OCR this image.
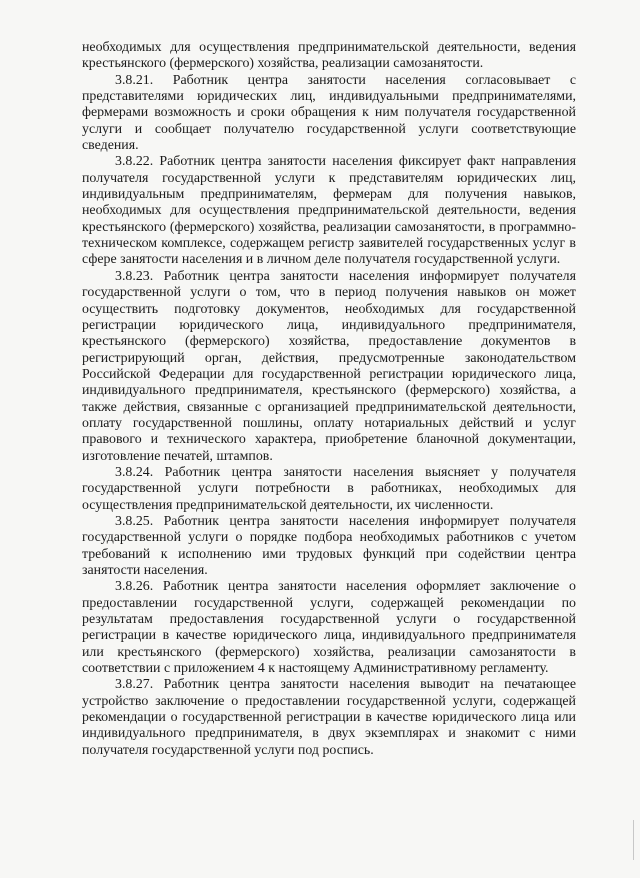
необходимых для осуществления предпринимательской деятельности, ведения крестьянского (фермерского) хозяйства, реализации самозанятости.

3.8.21. Работник центра занятости населения согласовывает с представителями юридических лиц, индивидуальными предпринимателями, фермерами возможность и сроки обращения к ним получателя государственной услуги и сообщает получателю государственной услуги соответствующие сведения.

3.8.22. Работник центра занятости населения фиксирует факт направления получателя государственной услуги к представителям юридических лиц, индивидуальным предпринимателям, фермерам для получения навыков, необходимых для осуществления предпринимательской деятельности, ведения крестьянского (фермерского) хозяйства, реализации самозанятости, в программно-техническом комплексе, содержащем регистр заявителей государственных услуг в сфере занятости населения и в личном деле получателя государственной услуги.

3.8.23. Работник центра занятости населения информирует получателя государственной услуги о том, что в период получения навыков он может осуществить подготовку документов, необходимых для государственной регистрации юридического лица, индивидуального предпринимателя, крестьянского (фермерского) хозяйства, предоставление документов в регистрирующий орган, действия, предусмотренные законодательством Российской Федерации для государственной регистрации юридического лица, индивидуального предпринимателя, крестьянского (фермерского) хозяйства, а также действия, связанные с организацией предпринимательской деятельности, оплату государственной пошлины, оплату нотариальных действий и услуг правового и технического характера, приобретение бланочной документации, изготовление печатей, штампов.

3.8.24. Работник центра занятости населения выясняет у получателя государственной услуги потребности в работниках, необходимых для осуществления предпринимательской деятельности, их численности.

3.8.25. Работник центра занятости населения информирует получателя государственной услуги о порядке подбора необходимых работников с учетом требований к исполнению ими трудовых функций при содействии центра занятости населения.

3.8.26. Работник центра занятости населения оформляет заключение о предоставлении государственной услуги, содержащей рекомендации по результатам предоставления государственной услуги о государственной регистрации в качестве юридического лица, индивидуального предпринимателя или крестьянского (фермерского) хозяйства, реализации самозанятости в соответствии с приложением 4 к настоящему Административному регламенту.

3.8.27. Работник центра занятости населения выводит на печатающее устройство заключение о предоставлении государственной услуги, содержащей рекомендации о государственной регистрации в качестве юридического лица или индивидуального предпринимателя, в двух экземплярах и знакомит с ними получателя государственной услуги под роспись.
